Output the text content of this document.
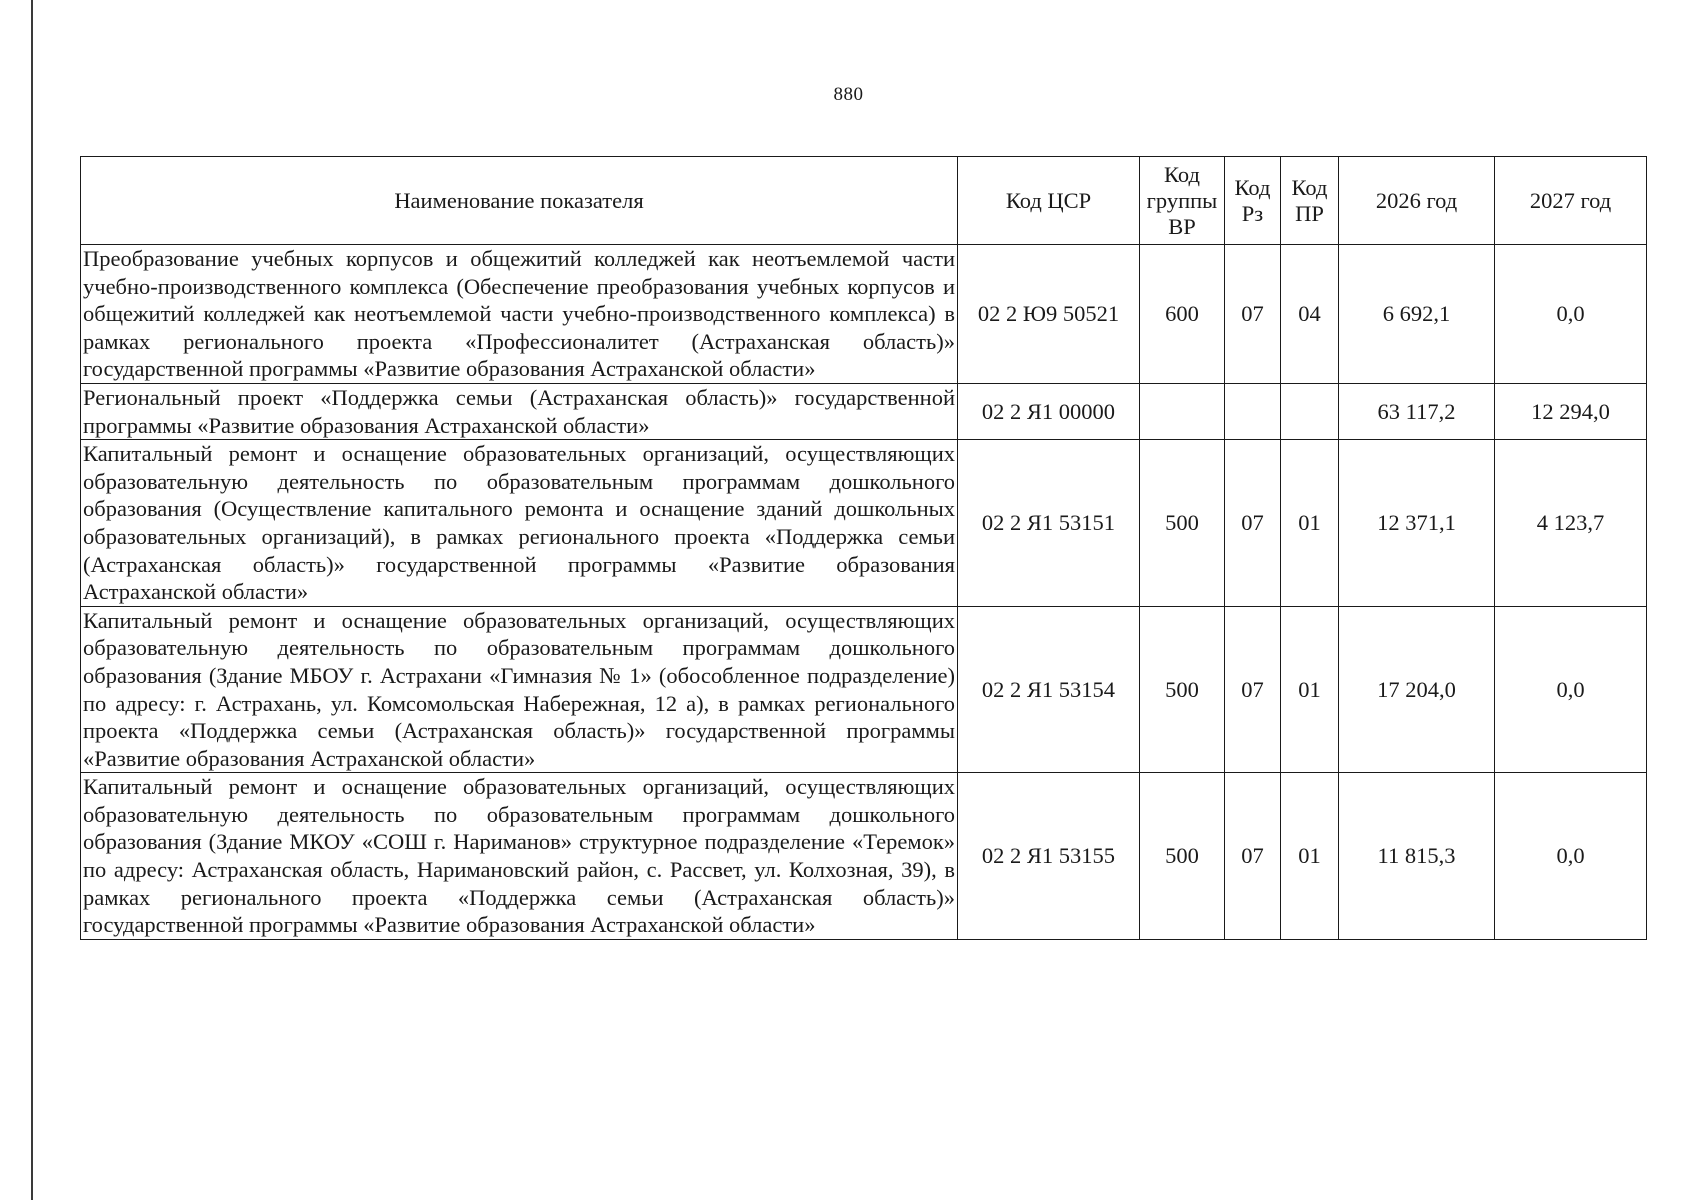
880
Наименование показателя	Код ЦСР	Код группы ВР	Код Рз	Код ПР	2026 год	2027 год
Преобразование учебных корпусов и общежитий колледжей как неотъемлемой части учебно-производственного комплекса (Обеспечение преобразования учебных корпусов и общежитий колледжей как неотъемлемой части учебно-производственного комплекса) в рамках регионального проекта «Профессионалитет (Астраханская область)» государственной программы «Развитие образования Астраханской области»	02 2 Ю9 50521	600	07	04	6 692,1	0,0
Региональный проект «Поддержка семьи (Астраханская область)» государственной программы «Развитие образования Астраханской области»	02 2 Я1 00000				63 117,2	12 294,0
Капитальный ремонт и оснащение образовательных организаций, осуществляющих образовательную деятельность по образовательным программам дошкольного образования (Осуществление капитального ремонта и оснащение зданий дошкольных образовательных организаций), в рамках регионального проекта «Поддержка семьи (Астраханская область)» государственной программы «Развитие образования Астраханской области»	02 2 Я1 53151	500	07	01	12 371,1	4 123,7
Капитальный ремонт и оснащение образовательных организаций, осуществляющих образовательную деятельность по образовательным программам дошкольного образования (Здание МБОУ г. Астрахани «Гимназия № 1» (обособленное подразделение) по адресу: г. Астрахань, ул. Комсомольская Набережная, 12 а), в рамках регионального проекта «Поддержка семьи (Астраханская область)» государственной программы «Развитие образования Астраханской области»	02 2 Я1 53154	500	07	01	17 204,0	0,0
Капитальный ремонт и оснащение образовательных организаций, осуществляющих образовательную деятельность по образовательным программам дошкольного образования (Здание МКОУ «СОШ г. Нариманов» структурное подразделение «Теремок» по адресу: Астраханская область, Наримановский район, с. Рассвет, ул. Колхозная, 39), в рамках регионального проекта «Поддержка семьи (Астраханская область)» государственной программы «Развитие образования Астраханской области»	02 2 Я1 53155	500	07	01	11 815,3	0,0
